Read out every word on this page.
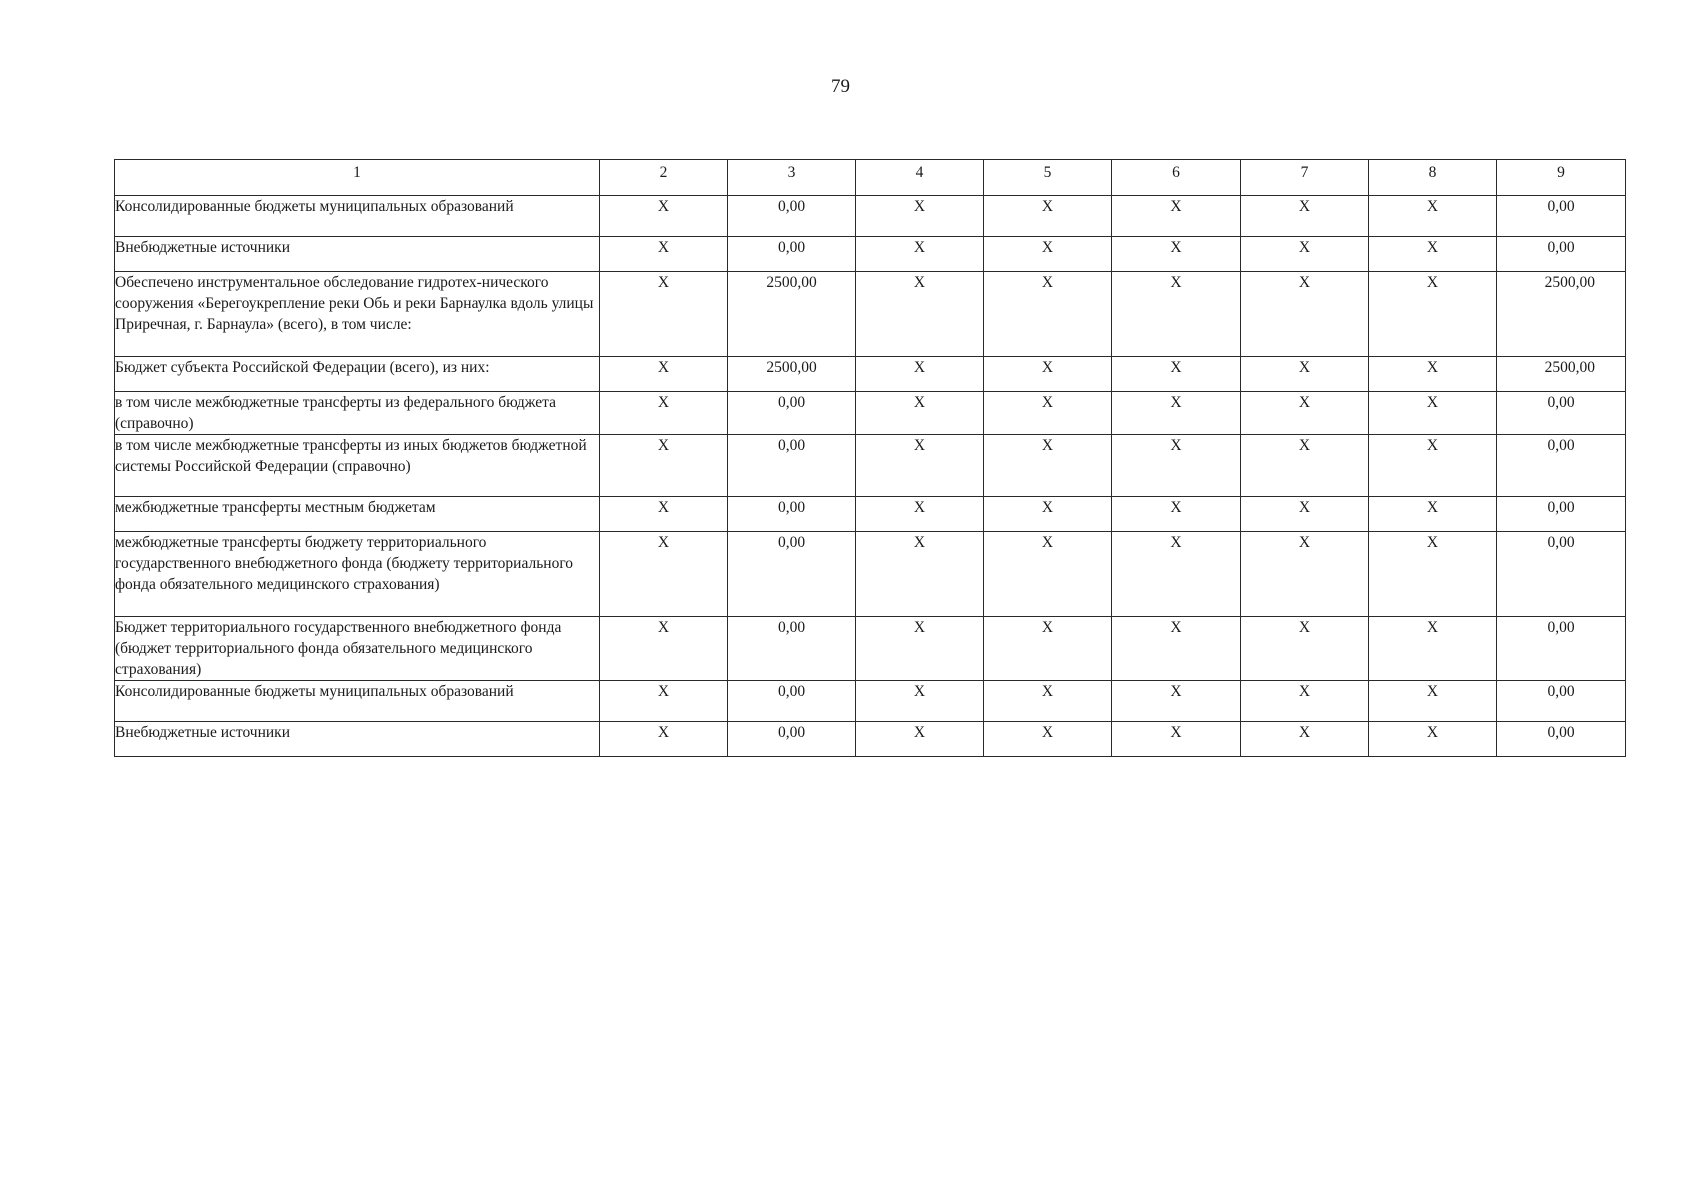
79
1	2	3	4	5	6	7	8	9
Консолидированные бюджеты муниципальных образований	X	0,00	X	X	X	X	X	0,00
Внебюджетные источники	X	0,00	X	X	X	X	X	0,00
Обеспечено инструментальное обследование гидротех-нического сооружения «Берегоукрепление реки Обь и реки Барнаулка вдоль улицы Приречная, г. Барнаула» (всего), в том числе:	X	2500,00	X	X	X	X	X	2500,00
Бюджет субъекта Российской Федерации (всего), из них:	X	2500,00	X	X	X	X	X	2500,00
в том числе межбюджетные трансферты из федерального бюджета (справочно)	X	0,00	X	X	X	X	X	0,00
в том числе межбюджетные трансферты из иных бюджетов бюджетной системы Российской Федерации (справочно)	X	0,00	X	X	X	X	X	0,00
межбюджетные трансферты местным бюджетам	X	0,00	X	X	X	X	X	0,00
межбюджетные трансферты бюджету территориального государственного внебюджетного фонда (бюджету территориального фонда обязательного медицинского страхования)	X	0,00	X	X	X	X	X	0,00
Бюджет территориального государственного внебюджетного фонда (бюджет территориального фонда обязательного медицинского страхования)	X	0,00	X	X	X	X	X	0,00
Консолидированные бюджеты муниципальных образований	X	0,00	X	X	X	X	X	0,00
Внебюджетные источники	X	0,00	X	X	X	X	X	0,00
